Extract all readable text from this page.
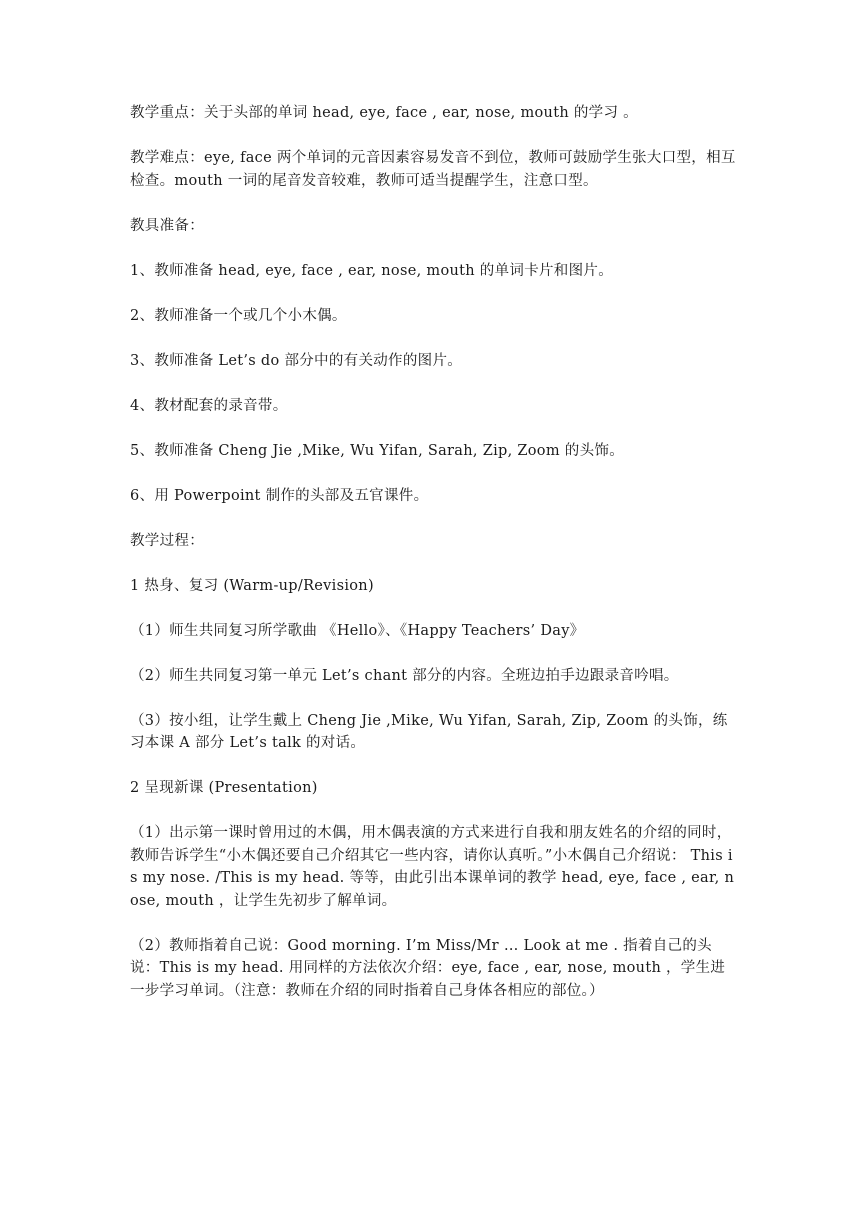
教学重点：关于头部的单词 head, eye, face , ear, nose, mouth 的学习 。

教学难点：eye, face 两个单词的元音因素容易发音不到位，教师可鼓励学生张大口型，相互检查。mouth 一词的尾音发音较难，教师可适当提醒学生，注意口型。

教具准备：

1、教师准备 head, eye, face , ear, nose, mouth 的单词卡片和图片。

2、教师准备一个或几个小木偶。

3、教师准备 Let’s do 部分中的有关动作的图片。

4、教材配套的录音带。

5、教师准备 Cheng Jie ,Mike, Wu Yifan, Sarah, Zip, Zoom 的头饰。

6、用 Powerpoint 制作的头部及五官课件。

教学过程：

1 热身、复习 (Warm-up/Revision)

（1）师生共同复习所学歌曲 《Hello》、《Happy Teachers’ Day》

（2）师生共同复习第一单元 Let’s chant 部分的内容。全班边拍手边跟录音吟唱。

（3）按小组，让学生戴上 Cheng Jie ,Mike, Wu Yifan, Sarah, Zip, Zoom 的头饰，练习本课 A 部分 Let’s talk 的对话。

2 呈现新课 (Presentation)

（1）出示第一课时曾用过的木偶，用木偶表演的方式来进行自我和朋友姓名的介绍的同时，教师告诉学生“小木偶还要自己介绍其它一些内容，请你认真听。”小木偶自己介绍说： This is my nose. /This is my head. 等等，由此引出本课单词的教学 head, eye, face , ear, nose, mouth ，让学生先初步了解单词。

（2）教师指着自己说：Good morning. I’m Miss/Mr … Look at me . 指着自己的头说：This is my head. 用同样的方法依次介绍：eye, face , ear, nose, mouth ，学生进一步学习单词。（注意：教师在介绍的同时指着自己身体各相应的部位。）
